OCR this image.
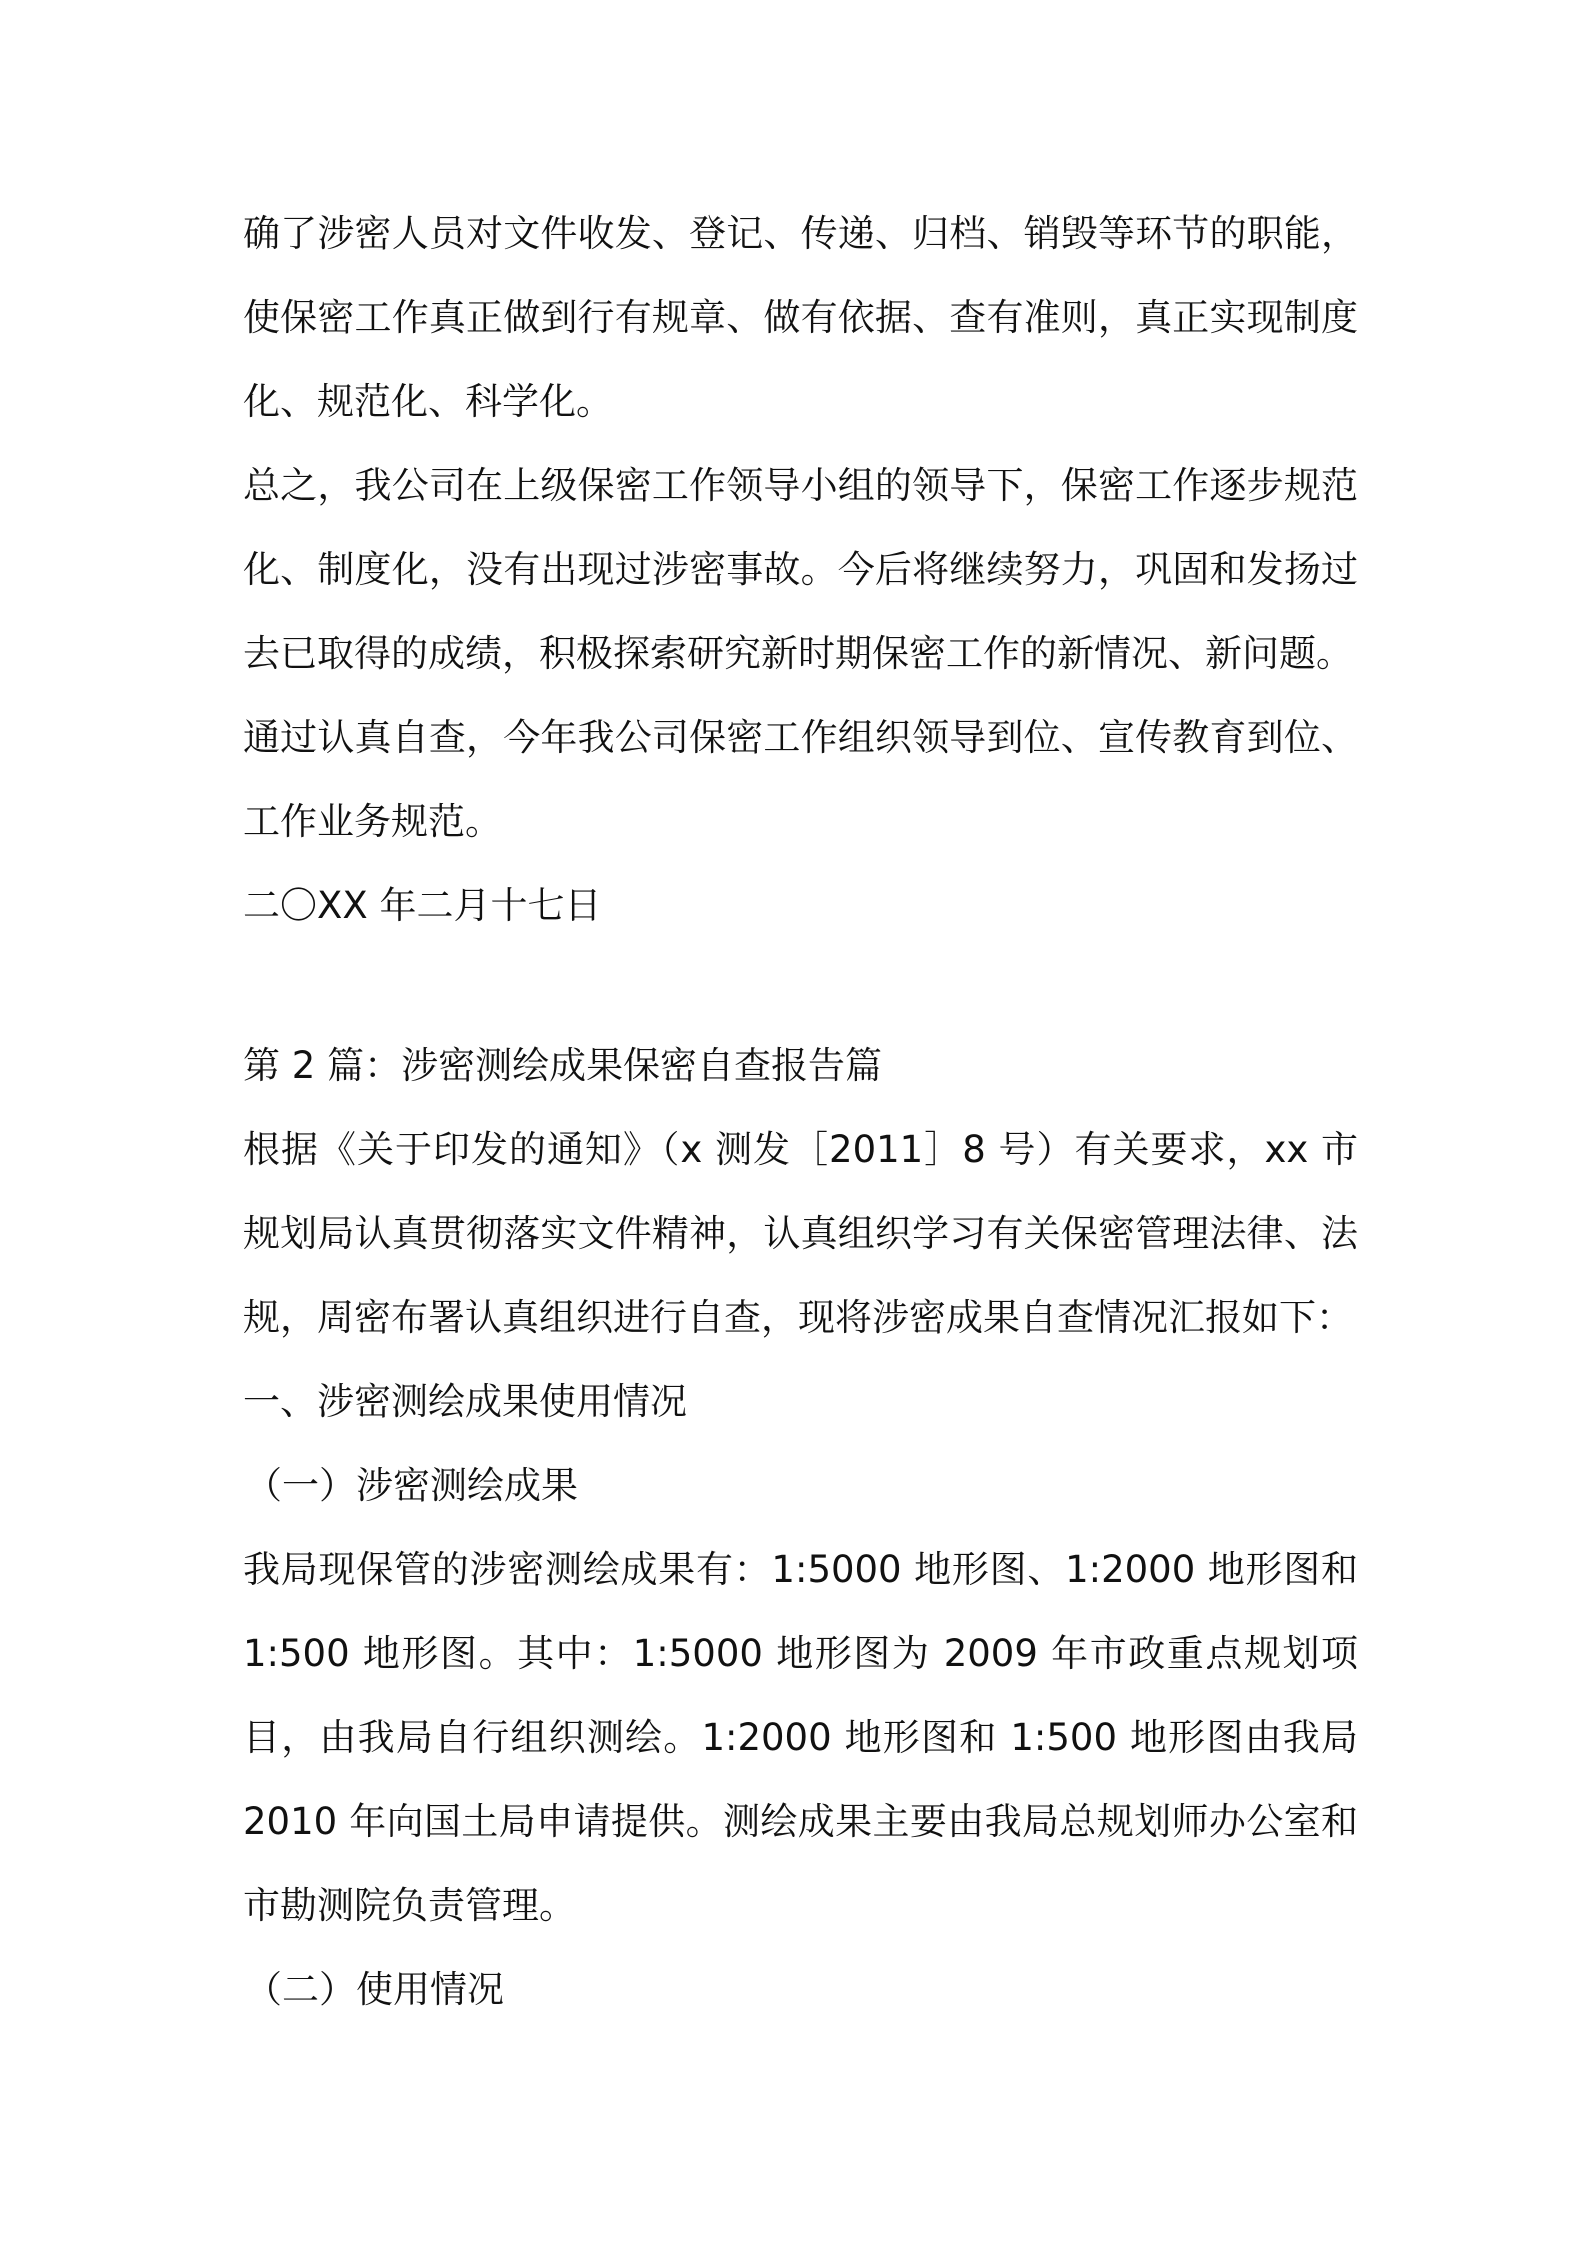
确了涉密人员对文件收发、登记、传递、归档、销毁等环节的职能，使保密工作真正做到行有规章、做有依据、查有准则，真正实现制度化、规范化、科学化。

总之，我公司在上级保密工作领导小组的领导下，保密工作逐步规范化、制度化，没有出现过涉密事故。今后将继续努力，巩固和发扬过去已取得的成绩，积极探索研究新时期保密工作的新情况、新问题。

通过认真自查，今年我公司保密工作组织领导到位、宣传教育到位、工作业务规范。

二〇XX 年二月十七日

第 2 篇：涉密测绘成果保密自查报告篇

根据《关于印发的通知》（x 测发［2011］8 号）有关要求，xx 市规划局认真贯彻落实文件精神，认真组织学习有关保密管理法律、法规，周密布署认真组织进行自查，现将涉密成果自查情况汇报如下：

一、涉密测绘成果使用情况

（一）涉密测绘成果

我局现保管的涉密测绘成果有：1:5000 地形图、1:2000 地形图和 1:500 地形图。其中：1:5000 地形图为 2009 年市政重点规划项目，由我局自行组织测绘。1:2000 地形图和 1:500 地形图由我局 2010 年向国土局申请提供。测绘成果主要由我局总规划师办公室和市勘测院负责管理。

（二）使用情况
